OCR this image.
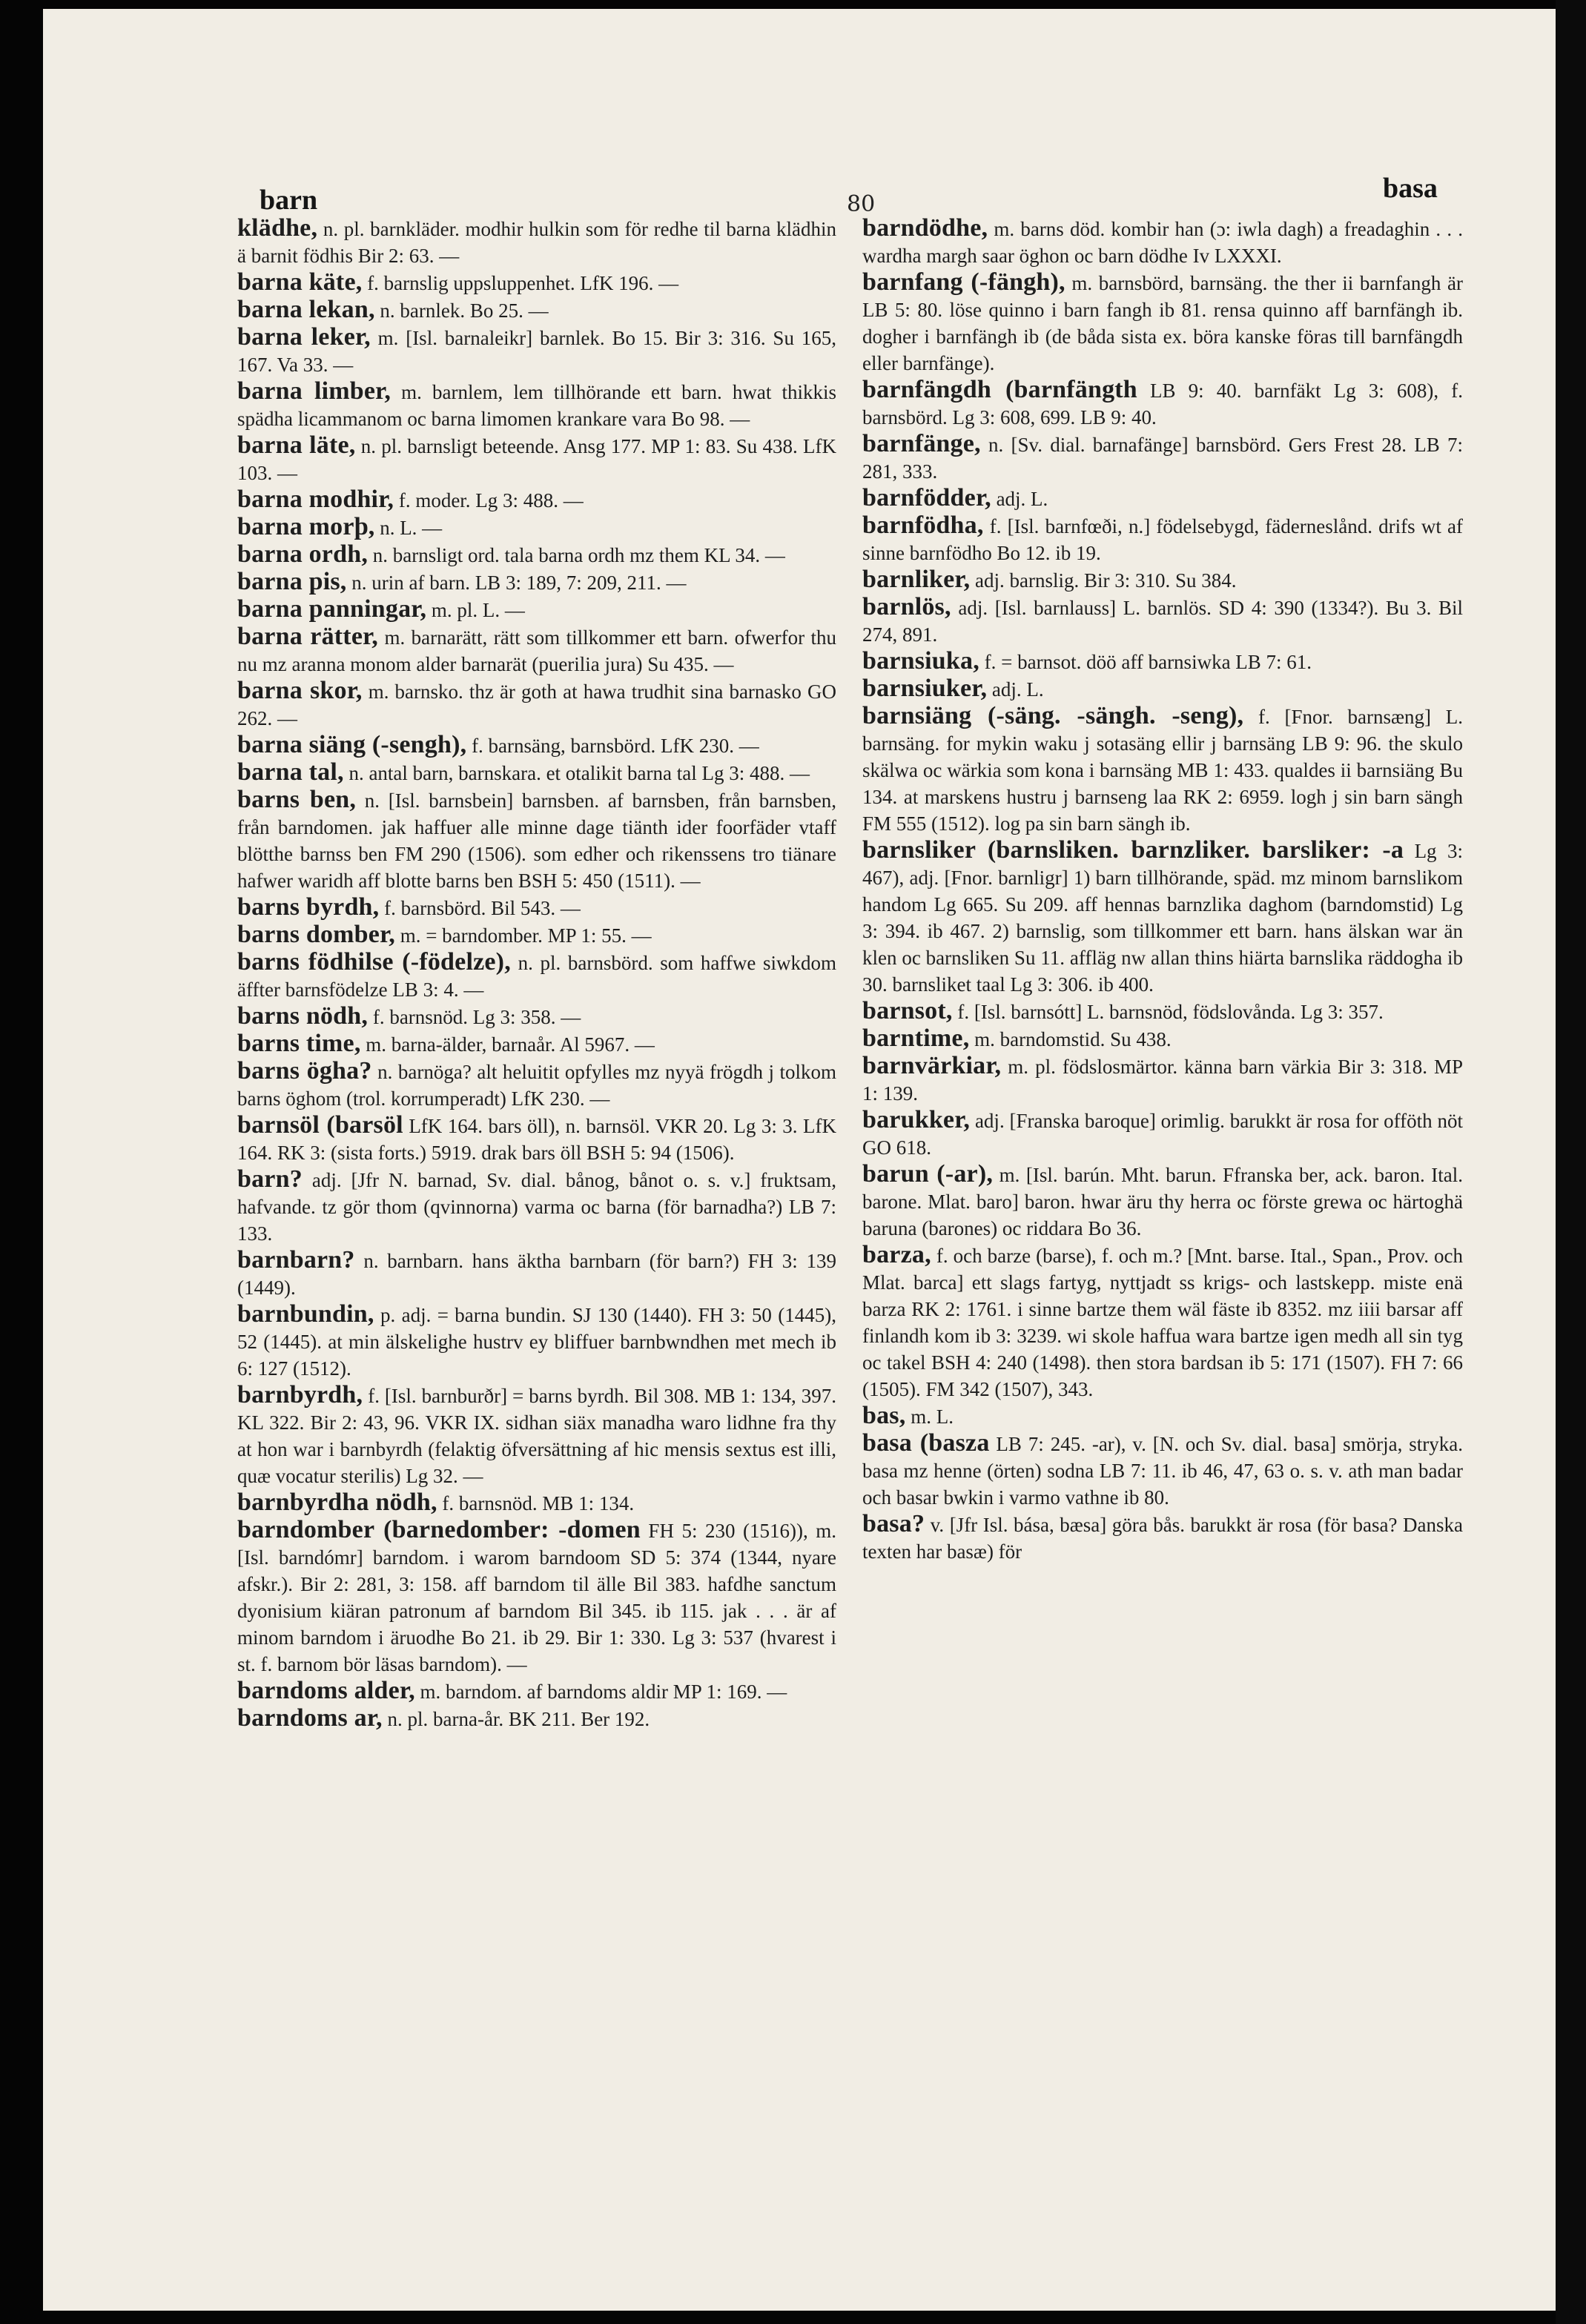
barn	80
basa

klädhe, n. pl. barnkläder. modhir hulkin som för redhe til barna klädhin ä barnit födhis Bir 2: 63. —

barna käte, f. barnslig uppsluppenhet. LfK 196. —

barna lekan, n. barnlek. Bo 25. —

barna leker, m. [Isl. barnaleikr] barnlek. Bo 15. Bir 3: 316. Su 165, 167. Va 33. —

barna limber, m. barnlem, lem tillhörande ett barn. hwat thikkis spädha licammanom oc barna limomen krankare vara Bo 98. —

barna läte, n. pl. barnsligt beteende. Ansg 177. MP 1: 83. Su 438. LfK 103. —

barna modhir, f. moder. Lg 3: 488. —

barna morþ, n. L. —

barna ordh, n. barnsligt ord. tala barna ordh mz them KL 34. —

barna pis, n. urin af barn. LB 3: 189, 7: 209, 211. —

barna panningar, m. pl. L. —

barna rätter, m. barnarätt, rätt som tillkommer ett barn. ofwerfor thu nu mz aranna monom alder barnarät (puerilia jura) Su 435. —

barna skor, m. barnsko. thz är goth at hawa trudhit sina barnasko GO 262. —

barna siäng (-sengh), f. barnsäng, barnsbörd. LfK 230. —

barna tal, n. antal barn, barnskara. et otalikit barna tal Lg 3: 488. —

barns ben, n. [Isl. barnsbein] barnsben. af barnsben, från barnsben, från barndomen. jak haffuer alle minne dage tiänth ider foorfäder vtaff blötthe barnss ben FM 290 (1506). som edher och rikenssens tro tiänare hafwer waridh aff blotte barns ben BSH 5: 450 (1511). —

barns byrdh, f. barnsbörd. Bil 543. —

barns domber, m. = barndomber. MP 1: 55. —

barns födhilse (-födelze), n. pl. barnsbörd. som haffwe siwkdom äffter barnsfödelze LB 3: 4. —

barns nödh, f. barnsnöd. Lg 3: 358. —

barns time, m. barna-älder, barnaår. Al 5967. —

barns ögha? n. barnöga? alt heluitit opfylles mz nyyä frögdh j tolkom barns öghom (trol. korrumperadt) LfK 230. —

barnsöl (barsöl LfK 164. bars öll), n. barnsöl. VKR 20. Lg 3: 3. LfK 164. RK 3: (sista forts.) 5919. drak bars öll BSH 5: 94 (1506).

barn? adj. [Jfr N. barnad, Sv. dial. bånog, bånot o. s. v.] fruktsam, hafvande. tz gör thom (qvinnorna) varma oc barna (för barnadha?) LB 7: 133.

barnbarn? n. barnbarn. hans äktha barnbarn (för barn?) FH 3: 139 (1449).

barnbundin, p. adj. = barna bundin. SJ 130 (1440). FH 3: 50 (1445), 52 (1445). at min älskelighe hustrv ey bliffuer barnbwndhen met mech ib 6: 127 (1512).

barnbyrdh, f. [Isl. barnburðr] = barns byrdh. Bil 308. MB 1: 134, 397. KL 322. Bir 2: 43, 96. VKR IX. sidhan siäx manadha waro lidhne fra thy at hon war i barnbyrdh (felaktig öfversättning af hic mensis sextus est illi, quæ vocatur sterilis) Lg 32. —

barnbyrdha nödh, f. barnsnöd. MB 1: 134.

barndomber (barnedomber: -domen FH 5: 230 (1516)), m. [Isl. barndómr] barndom. i warom barndoom SD 5: 374 (1344, nyare afskr.). Bir 2: 281, 3: 158. aff barndom til älle Bil 383. hafdhe sanctum dyonisium kiäran patronum af barndom Bil 345. ib 115. jak . . . är af minom barndom i äruodhe Bo 21. ib 29. Bir 1: 330. Lg 3: 537 (hvarest i st. f. barnom bör läsas barndom). —

barndoms alder, m. barndom. af barndoms aldir MP 1: 169. —

barndoms ar, n. pl. barna-år. BK 211. Ber 192.

barndödhe, m. barns död. kombir han (ɔ: iwla dagh) a freadaghin . . . wardha margh saar öghon oc barn dödhe Iv LXXXI.

barnfang (-fängh), m. barnsbörd, barnsäng. the ther ii barnfangh är LB 5: 80. löse quinno i barn fangh ib 81. rensa quinno aff barnfängh ib. dogher i barnfängh ib (de båda sista ex. böra kanske föras till barnfängdh eller barnfänge).

barnfängdh (barnfängth LB 9: 40. barnfäkt Lg 3: 608), f. barnsbörd. Lg 3: 608, 699. LB 9: 40.

barnfänge, n. [Sv. dial. barnafänge] barnsbörd. Gers Frest 28. LB 7: 281, 333.

barnfödder, adj. L.

barnfödha, f. [Isl. barnfœði, n.] födelsebygd, fäderneslånd. drifs wt af sinne barnfödho Bo 12. ib 19.

barnliker, adj. barnslig. Bir 3: 310. Su 384.

barnlös, adj. [Isl. barnlauss] L. barnlös. SD 4: 390 (1334?). Bu 3. Bil 274, 891.

barnsiuka, f. = barnsot. döö aff barnsiwka LB 7: 61.

barnsiuker, adj. L.

barnsiäng (-säng. -sängh. -seng), f. [Fnor. barnsæng] L. barnsäng. for mykin waku j sotasäng ellir j barnsäng LB 9: 96. the skulo skälwa oc wärkia som kona i barnsäng MB 1: 433. qualdes ii barnsiäng Bu 134. at marskens hustru j barnseng laa RK 2: 6959. logh j sin barn sängh FM 555 (1512). log pa sin barn sängh ib.

barnsliker (barnsliken. barnzliker. barsliker: -a Lg 3: 467), adj. [Fnor. barnligr] 1) barn tillhörande, späd. mz minom barnslikom handom Lg 665. Su 209. aff hennas barnzlika daghom (barndomstid) Lg 3: 394. ib 467. 2) barnslig, som tillkommer ett barn. hans älskan war än klen oc barnsliken Su 11. affläg nw allan thins hiärta barnslika räddogha ib 30. barnsliket taal Lg 3: 306. ib 400.

barnsot, f. [Isl. barnsótt] L. barnsnöd, födslovånda. Lg 3: 357.

barntime, m. barndomstid. Su 438.

barnvärkiar, m. pl. födslosmärtor. känna barn värkia Bir 3: 318. MP 1: 139.

barukker, adj. [Franska baroque] orimlig. barukkt är rosa for offöth nöt GO 618.

barun (-ar), m. [Isl. barún. Mht. barun. Ffranska ber, ack. baron. Ital. barone. Mlat. baro] baron. hwar äru thy herra oc förste grewa oc härtoghä baruna (barones) oc riddara Bo 36.

barza, f. och barze (barse), f. och m.? [Mnt. barse. Ital., Span., Prov. och Mlat. barca] ett slags fartyg, nyttjadt ss krigs- och lastskepp. miste enä barza RK 2: 1761. i sinne bartze them wäl fäste ib 8352. mz iiii barsar aff finlandh kom ib 3: 3239. wi skole haffua wara bartze igen medh all sin tyg oc takel BSH 4: 240 (1498). then stora bardsan ib 5: 171 (1507). FH 7: 66 (1505). FM 342 (1507), 343.

bas, m. L.

basa (basza LB 7: 245. -ar), v. [N. och Sv. dial. basa] smörja, stryka. basa mz henne (örten) sodna LB 7: 11. ib 46, 47, 63 o. s. v. ath man badar och basar bwkin i varmo vathne ib 80.

basa? v. [Jfr Isl. bása, bæsa] göra bås. barukkt är rosa (för basa? Danska texten har basæ) för
